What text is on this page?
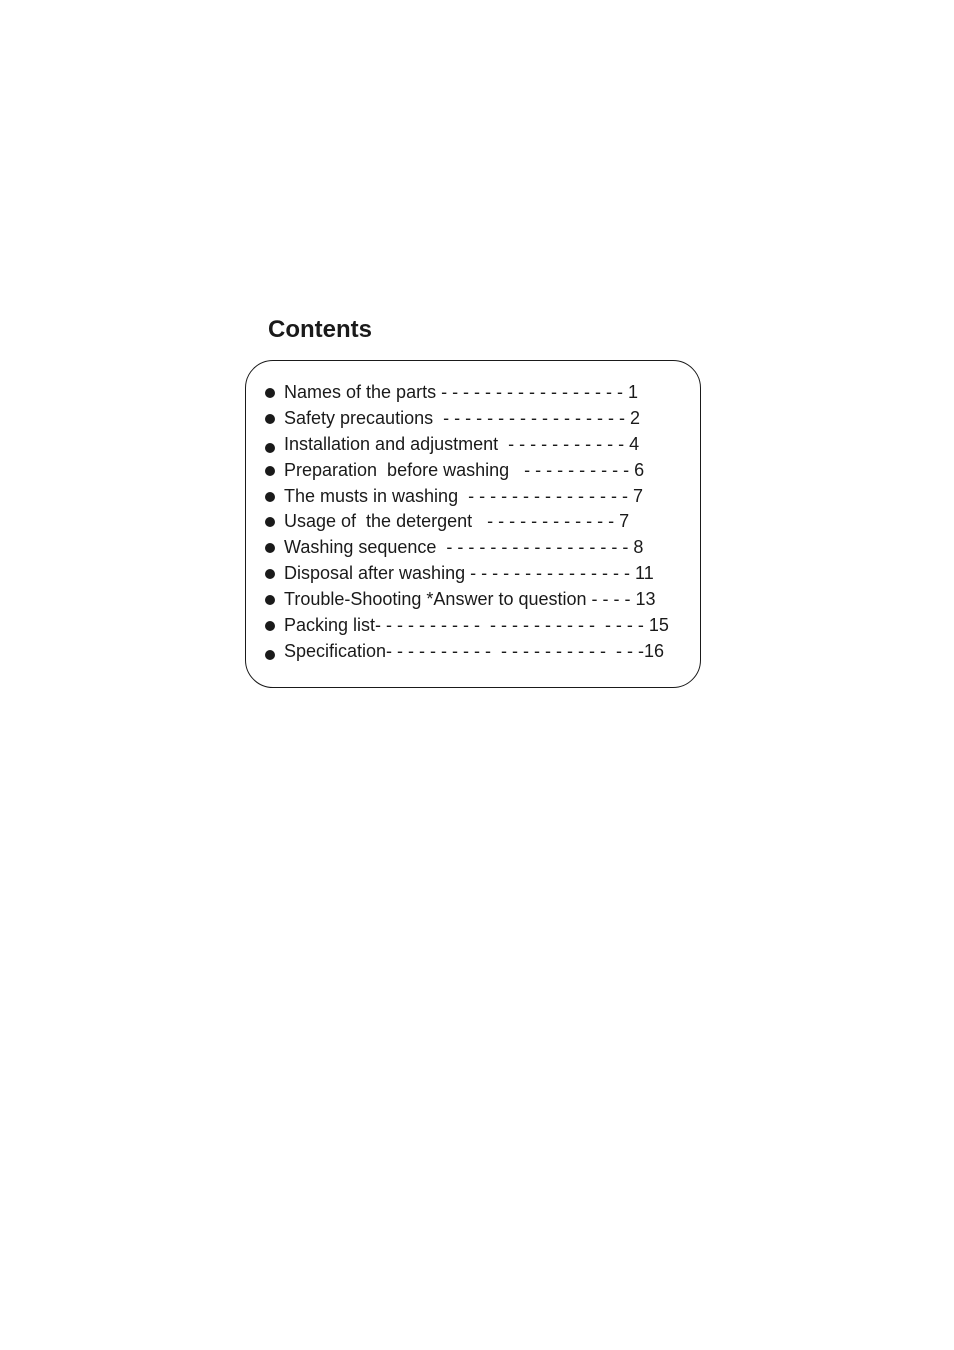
Contents

Names of the parts - - - - - - - - - - - - - - - - - 1

Safety precautions  - - - - - - - - - - - - - - - - - 2

Installation and adjustment  - - - - - - - - - - - 4

Preparation  before washing   - - - - - - - - - - 6

The musts in washing  - - - - - - - - - - - - - - - 7

Usage of  the detergent   - - - - - - - - - - - - 7

Washing sequence  - - - - - - - - - - - - - - - - - 8

Disposal after washing - - - - - - - - - - - - - - - 11

Trouble-Shooting *Answer to question - - - - 13

Packing list- - - - - - - - - -  - - - - - - - - - -  - - - - 15

Specification- - - - - - - - - -  - - - - - - - - - -  - - -16
